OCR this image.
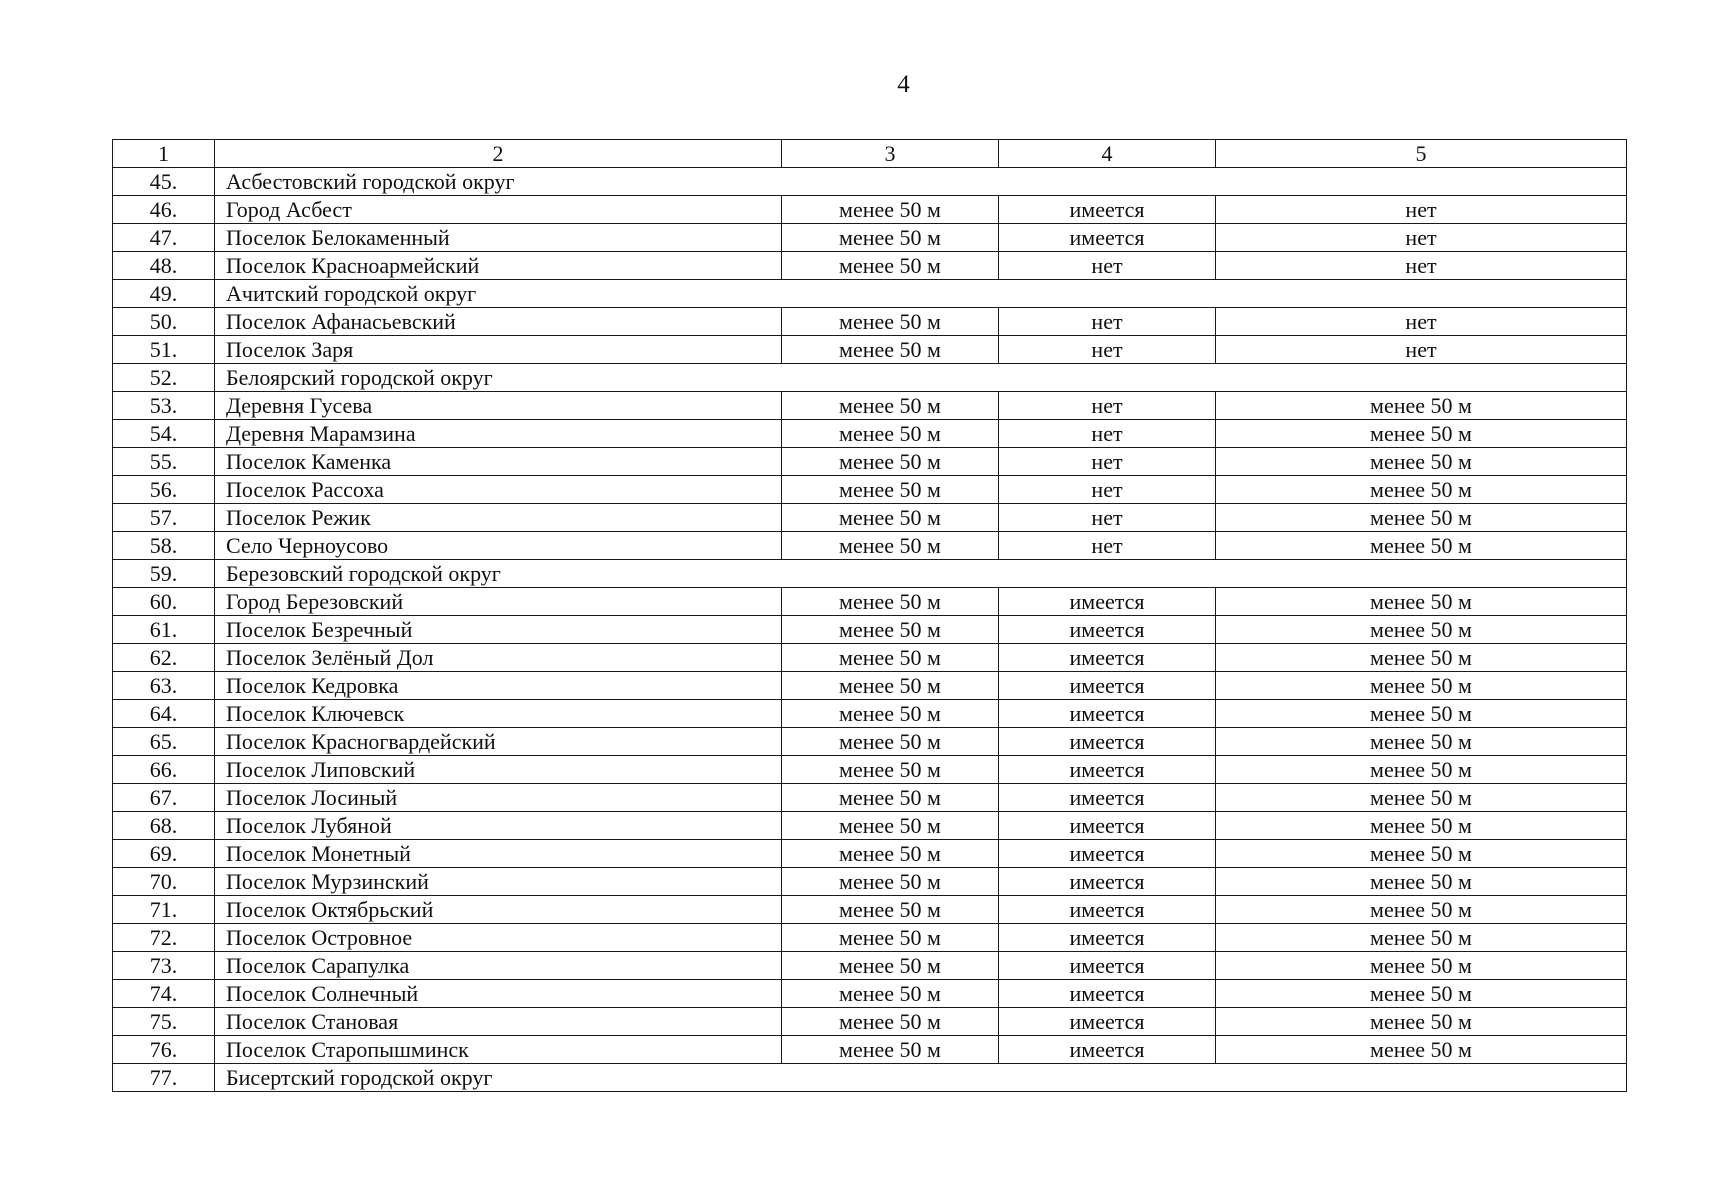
4
1	2	3	4	5
45.	Асбестовский городской округ			
46.	Город Асбест	менее 50 м	имеется	нет
47.	Поселок Белокаменный	менее 50 м	имеется	нет
48.	Поселок Красноармейский	менее 50 м	нет	нет
49.	Ачитский городской округ			
50.	Поселок Афанасьевский	менее 50 м	нет	нет
51.	Поселок Заря	менее 50 м	нет	нет
52.	Белоярский городской округ			
53.	Деревня Гусева	менее 50 м	нет	менее 50 м
54.	Деревня Марамзина	менее 50 м	нет	менее 50 м
55.	Поселок Каменка	менее 50 м	нет	менее 50 м
56.	Поселок Рассоха	менее 50 м	нет	менее 50 м
57.	Поселок Режик	менее 50 м	нет	менее 50 м
58.	Село Черноусово	менее 50 м	нет	менее 50 м
59.	Березовский городской округ			
60.	Город Березовский	менее 50 м	имеется	менее 50 м
61.	Поселок Безречный	менее 50 м	имеется	менее 50 м
62.	Поселок Зелёный Дол	менее 50 м	имеется	менее 50 м
63.	Поселок Кедровка	менее 50 м	имеется	менее 50 м
64.	Поселок Ключевск	менее 50 м	имеется	менее 50 м
65.	Поселок Красногвардейский	менее 50 м	имеется	менее 50 м
66.	Поселок Липовский	менее 50 м	имеется	менее 50 м
67.	Поселок Лосиный	менее 50 м	имеется	менее 50 м
68.	Поселок Лубяной	менее 50 м	имеется	менее 50 м
69.	Поселок Монетный	менее 50 м	имеется	менее 50 м
70.	Поселок Мурзинский	менее 50 м	имеется	менее 50 м
71.	Поселок Октябрьский	менее 50 м	имеется	менее 50 м
72.	Поселок Островное	менее 50 м	имеется	менее 50 м
73.	Поселок Сарапулка	менее 50 м	имеется	менее 50 м
74.	Поселок Солнечный	менее 50 м	имеется	менее 50 м
75.	Поселок Становая	менее 50 м	имеется	менее 50 м
76.	Поселок Старопышминск	менее 50 м	имеется	менее 50 м
77.	Бисертский городской округ			
